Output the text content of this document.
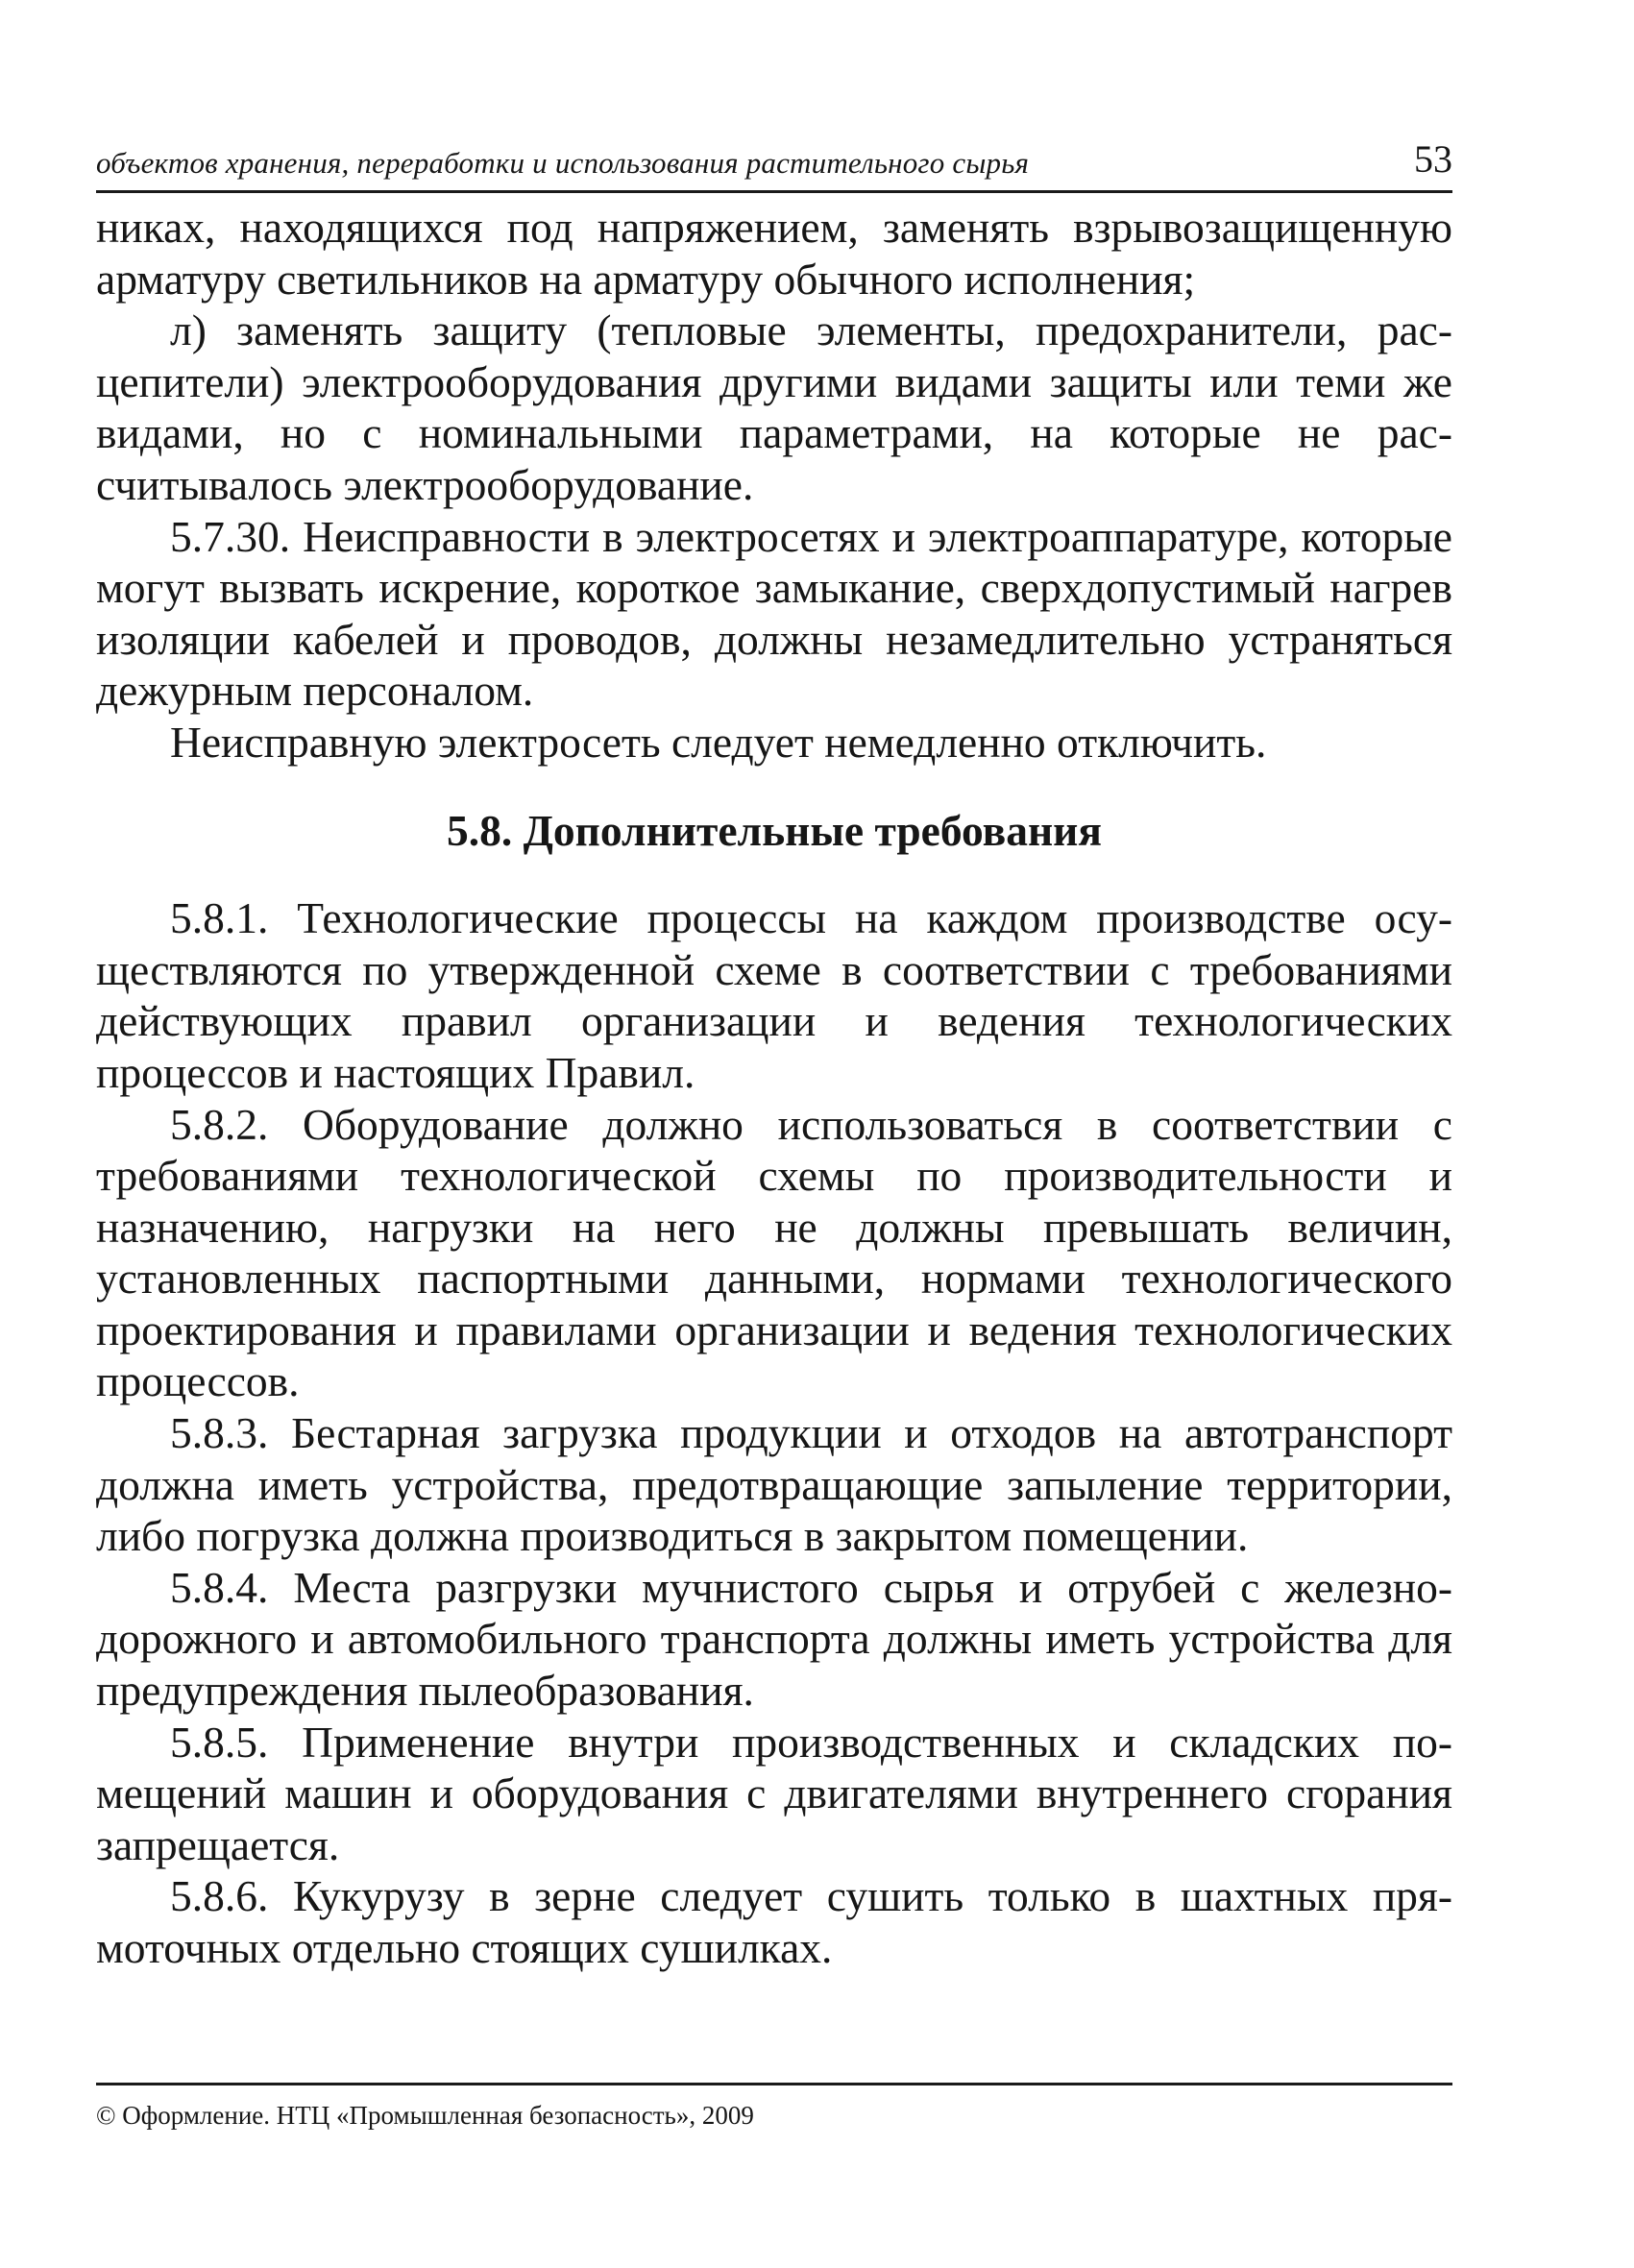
объектов хранения, переработки и использования растительного сырья	53

никах, находящихся под напряжением, заменять взрывозащищенную арматуру светильников на арматуру обычного исполнения;

л) заменять защиту (тепловые элементы, предохранители, расцепители) электрооборудования другими видами защиты или теми же видами, но с номинальными параметрами, на которые не рассчитывалось электрооборудование.

5.7.30. Неисправности в электросетях и электроаппаратуре, которые могут вызвать искрение, короткое замыкание, сверхдопустимый нагрев изоляции кабелей и проводов, должны незамедлительно устраняться дежурным персоналом.

Неисправную электросеть следует немедленно отключить.

5.8. Дополнительные требования

5.8.1. Технологические процессы на каждом производстве осуществляются по утвержденной схеме в соответствии с требованиями действующих правил организации и ведения технологических процессов и настоящих Правил.

5.8.2. Оборудование должно использоваться в соответствии с требованиями технологической схемы по производительности и назначению, нагрузки на него не должны превышать величин, установленных паспортными данными, нормами технологического проектирования и правилами организации и ведения технологических процессов.

5.8.3. Бестарная загрузка продукции и отходов на автотранспорт должна иметь устройства, предотвращающие запыление территории, либо погрузка должна производиться в закрытом помещении.

5.8.4. Места разгрузки мучнистого сырья и отрубей с железнодорожного и автомобильного транспорта должны иметь устройства для предупреждения пылеобразования.

5.8.5. Применение внутри производственных и складских помещений машин и оборудования с двигателями внутреннего сгорания запрещается.

5.8.6. Кукурузу в зерне следует сушить только в шахтных прямоточных отдельно стоящих сушилках.

© Оформление. НТЦ «Промышленная безопасность», 2009
